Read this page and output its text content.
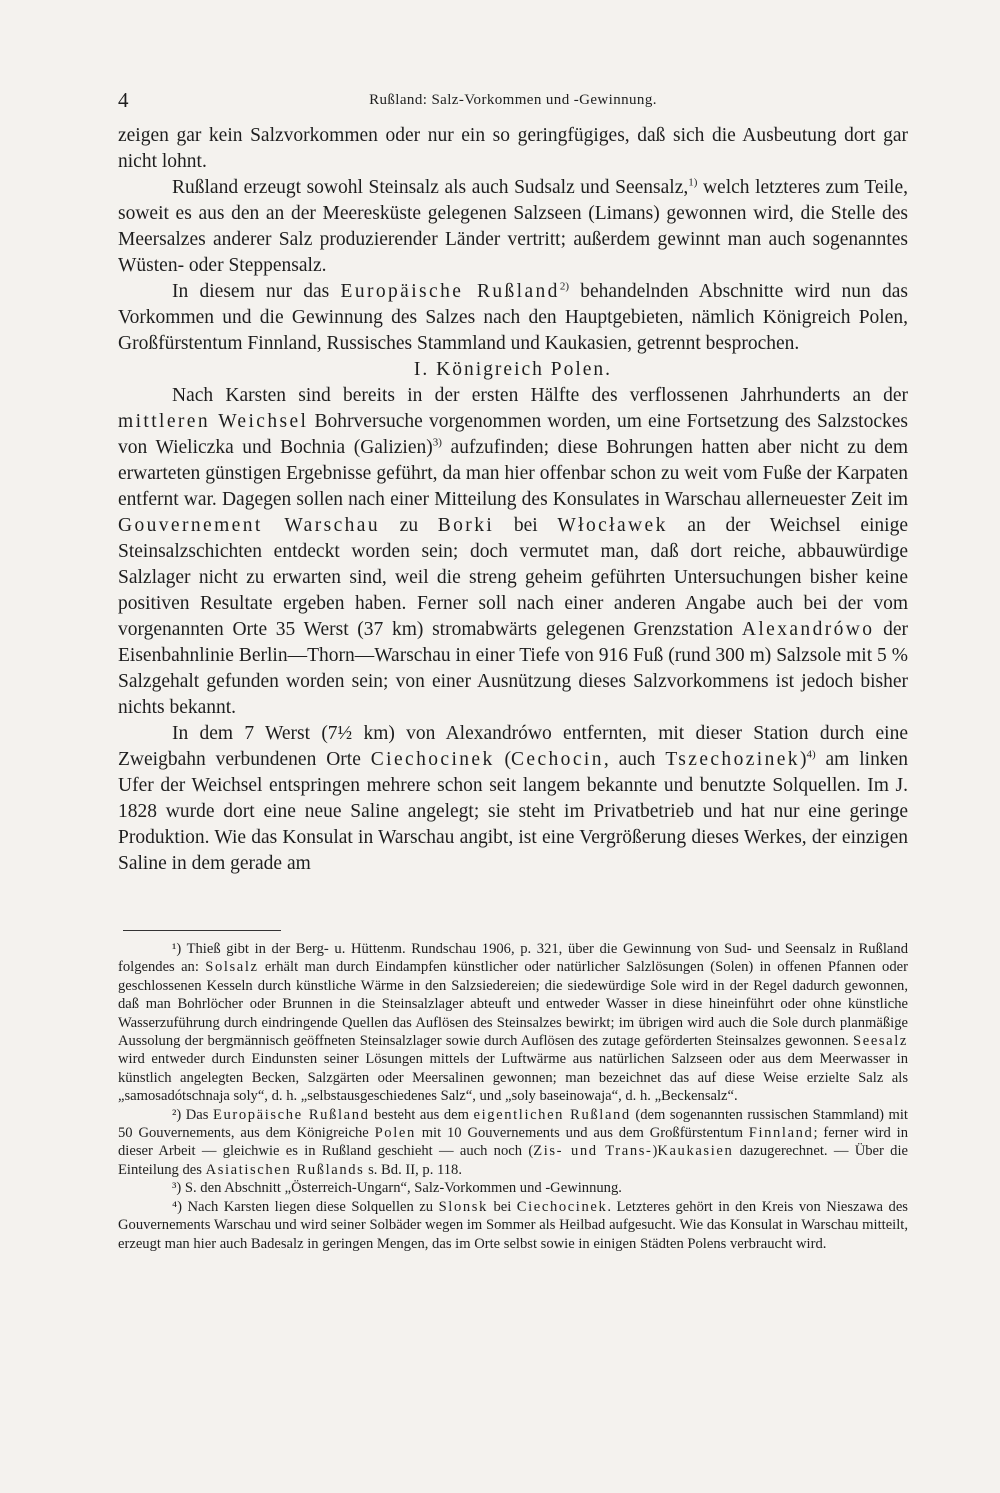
4	Rußland: Salz-Vorkommen und -Gewinnung.

zeigen gar kein Salzvorkommen oder nur ein so geringfügiges, daß sich die Ausbeutung dort gar nicht lohnt.

Rußland erzeugt sowohl Steinsalz als auch Sudsalz und Seensalz,$^{1)}$ welch letzteres zum Teile, soweit es aus den an der Meeresküste gelegenen Salzseen (Limans) gewonnen wird, die Stelle des Meersalzes anderer Salz produzierender Länder vertritt; außerdem gewinnt man auch sogenanntes Wüsten- oder Steppensalz.

In diesem nur das Europäische Rußland$^{2)}$ behandelnden Abschnitte wird nun das Vorkommen und die Gewinnung des Salzes nach den Hauptgebieten, nämlich Königreich Polen, Großfürstentum Finnland, Russisches Stammland und Kaukasien, getrennt besprochen.

I. Königreich Polen.

Nach Karsten sind bereits in der ersten Hälfte des verflossenen Jahrhunderts an der mittleren Weichsel Bohrversuche vorgenommen worden, um eine Fortsetzung des Salzstockes von Wieliczka und Bochnia (Galizien)$^{3)}$ aufzufinden; diese Bohrungen hatten aber nicht zu dem erwarteten günstigen Ergebnisse geführt, da man hier offenbar schon zu weit vom Fuße der Karpaten entfernt war. Dagegen sollen nach einer Mitteilung des Konsulates in Warschau allerneuester Zeit im Gouvernement Warschau zu Borki bei Włocławek an der Weichsel einige Steinsalzschichten entdeckt worden sein; doch vermutet man, daß dort reiche, abbauwürdige Salzlager nicht zu erwarten sind, weil die streng geheim geführten Untersuchungen bisher keine positiven Resultate ergeben haben. Ferner soll nach einer anderen Angabe auch bei der vom vorgenannten Orte 35 Werst (37 km) stromabwärts gelegenen Grenzstation Alexandrówo der Eisenbahnlinie Berlin—Thorn—Warschau in einer Tiefe von 916 Fuß (rund 300 m) Salzsole mit 5 % Salzgehalt gefunden worden sein; von einer Ausnützung dieses Salzvorkommens ist jedoch bisher nichts bekannt.

In dem 7 Werst (7½ km) von Alexandrówo entfernten, mit dieser Station durch eine Zweigbahn verbundenen Orte Ciechocinek (Cechocin, auch Tszechozinek)$^{4)}$ am linken Ufer der Weichsel entspringen mehrere schon seit langem bekannte und benutzte Solquellen. Im J. 1828 wurde dort eine neue Saline angelegt; sie steht im Privatbetrieb und hat nur eine geringe Produktion. Wie das Konsulat in Warschau angibt, ist eine Vergrößerung dieses Werkes, der einzigen Saline in dem gerade am

¹) Thieß gibt in der Berg- u. Hüttenm. Rundschau 1906, p. 321, über die Gewinnung von Sud- und Seensalz in Rußland folgendes an: Solsalz erhält man durch Eindampfen künstlicher oder natürlicher Salzlösungen (Solen) in offenen Pfannen oder geschlossenen Kesseln durch künstliche Wärme in den Salzsiedereien; die siedewürdige Sole wird in der Regel dadurch gewonnen, daß man Bohrlöcher oder Brunnen in die Steinsalzlager abteuft und entweder Wasser in diese hineinführt oder ohne künstliche Wasserzuführung durch eindringende Quellen das Auflösen des Steinsalzes bewirkt; im übrigen wird auch die Sole durch planmäßige Aussolung der bergmännisch geöffneten Steinsalzlager sowie durch Auflösen des zutage geförderten Steinsalzes gewonnen. Seesalz wird entweder durch Eindunsten seiner Lösungen mittels der Luftwärme aus natürlichen Salzseen oder aus dem Meerwasser in künstlich angelegten Becken, Salzgärten oder Meersalinen gewonnen; man bezeichnet das auf diese Weise erzielte Salz als „samosadótschnaja soly“, d. h. „selbstausgeschiedenes Salz“, und „soly baseinowaja“, d. h. „Beckensalz“.

²) Das Europäische Rußland besteht aus dem eigentlichen Rußland (dem sogenannten russischen Stammland) mit 50 Gouvernements, aus dem Königreiche Polen mit 10 Gouvernements und aus dem Großfürstentum Finnland; ferner wird in dieser Arbeit — gleichwie es in Rußland geschieht — auch noch (Zis- und Trans-)Kaukasien dazugerechnet. — Über die Einteilung des Asiatischen Rußlands s. Bd. II, p. 118.

³) S. den Abschnitt „Österreich-Ungarn“, Salz-Vorkommen und -Gewinnung.

⁴) Nach Karsten liegen diese Solquellen zu Slonsk bei Ciechocinek. Letzteres gehört in den Kreis von Nieszawa des Gouvernements Warschau und wird seiner Solbäder wegen im Sommer als Heilbad aufgesucht. Wie das Konsulat in Warschau mitteilt, erzeugt man hier auch Badesalz in geringen Mengen, das im Orte selbst sowie in einigen Städten Polens verbraucht wird.
